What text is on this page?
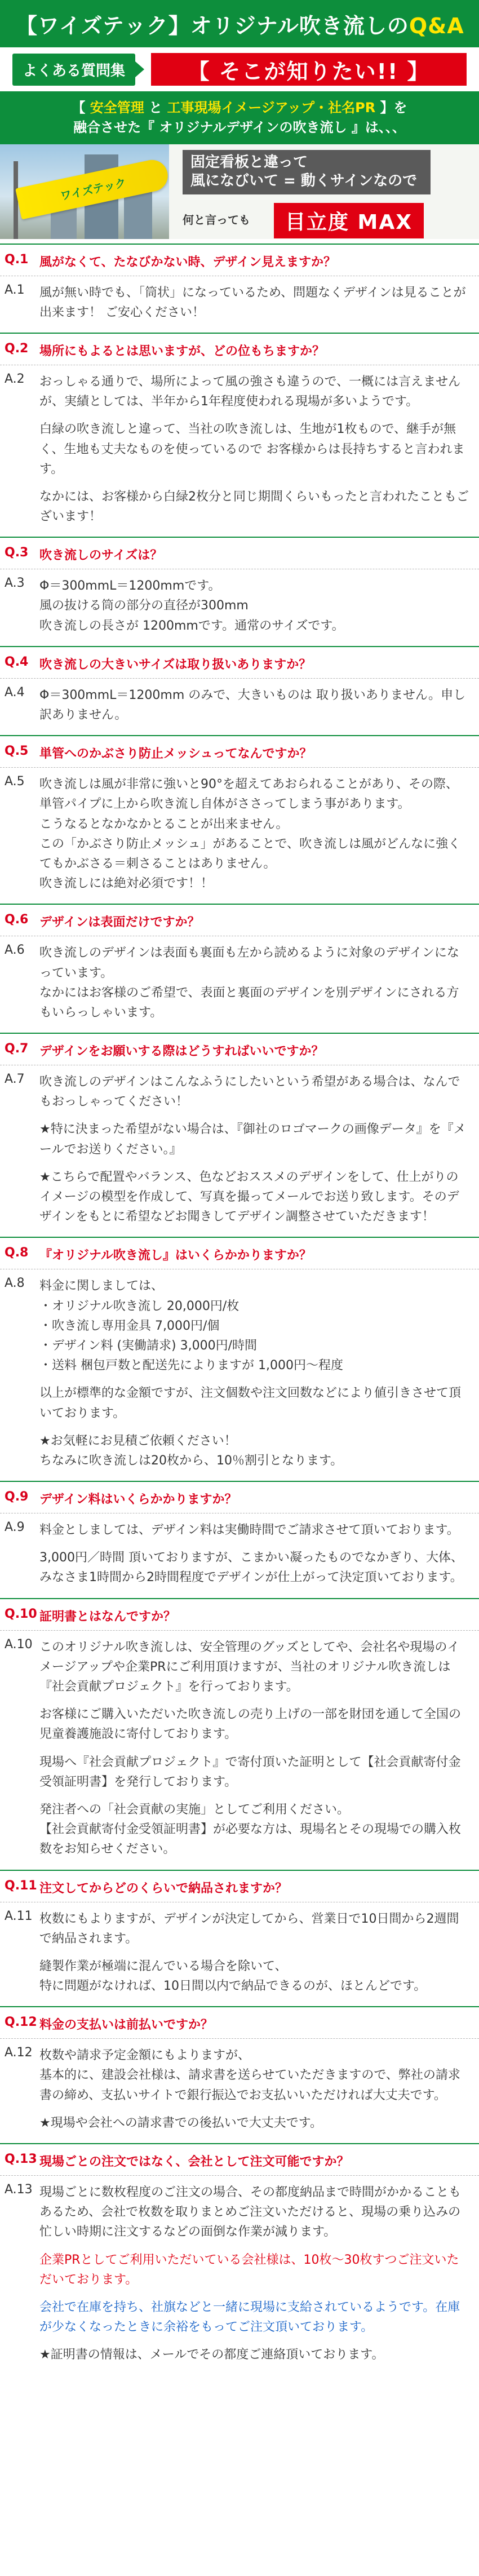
【ワイズテック】オリジナル吹き流しのQ&A
よくある質問集	【 そこが知りたい!! 】
【 安全管理 と 工事現場イメージアップ・社名PR 】を
融合させた『 オリジナルデザインの吹き流し 』は、、、
ワイズテック
固定看板と違って
風になびいて = 動くサインなので
何と言っても	目立度 MAX
Q.1 風がなくて、たなびかない時、デザイン見えますか？
A.1	風が無い時でも、「筒状」になっているため、問題なくデザインは見ることが出来ます！ ご安心ください！

Q.2 場所にもよるとは思いますが、どの位もちますか？
A.2	おっしゃる通りで、場所によって風の強さも違うので、一概には言えませんが、実績としては、半年から1年程度使われる現場が多いようです。

白緑の吹き流しと違って、当社の吹き流しは、生地が1枚もので、継手が無く、生地も丈夫なものを使っているので お客様からは長持ちすると言われます。

なかには、お客様から白緑2枚分と同じ期間くらいもったと言われたこともございます！

Q.3 吹き流しのサイズは？
A.3	Φ＝300mmL＝1200mmです。
風の抜ける筒の部分の直径が300mm
吹き流しの長さが 1200mmです。通常のサイズです。

Q.4 吹き流しの大きいサイズは取り扱いありますか？
A.4	Φ＝300mmL＝1200mm のみで、大きいものは 取り扱いありません。申し訳ありません。

Q.5 単管へのかぶさり防止メッシュってなんですか？
A.5	吹き流しは風が非常に強いと90°を超えてあおられることがあり、その際、単管パイプに上から吹き流し自体がささってしまう事があります。
こうなるとなかなかとることが出来ません。
この「かぶさり防止メッシュ」があることで、吹き流しは風がどんなに強くてもかぶさる＝刺さることはありません。
吹き流しには絶対必須です！！

Q.6 デザインは表面だけですか？
A.6	吹き流しのデザインは表面も裏面も左から読めるように対象のデザインになっています。
なかにはお客様のご希望で、表面と裏面のデザインを別デザインにされる方もいらっしゃいます。

Q.7 デザインをお願いする際はどうすればいいですか？
A.7	吹き流しのデザインはこんなふうにしたいという希望がある場合は、なんでもおっしゃってください！

★特に決まった希望がない場合は、『御社のロゴマークの画像データ』を『メールでお送りください。』

★こちらで配置やバランス、色などおススメのデザインをして、仕上がりのイメージの模型を作成して、写真を撮ってメールでお送り致します。そのデザインをもとに希望などお聞きしてデザイン調整させていただきます！

Q.8 『オリジナル吹き流し』はいくらかかりますか？
A.8	料金に関しましては、
・オリジナル吹き流し 20,000円/枚
・吹き流し専用金具 7,000円/個
・デザイン料 (実働請求) 3,000円/時間
・送料 梱包戸数と配送先によりますが 1,000円～程度

以上が標準的な金額ですが、注文個数や注文回数などにより値引きさせて頂いております。

★お気軽にお見積ご依頼ください！
ちなみに吹き流しは20枚から、10％割引となります。

Q.9 デザイン料はいくらかかりますか？
A.9	料金としましては、デザイン料は実働時間でご請求させて頂いております。

3,000円／時間 頂いておりますが、こまかい凝ったものでなかぎり、大体、みなさま1時間から2時間程度でデザインが仕上がって決定頂いております。

Q.10 証明書とはなんですか？
A.10 このオリジナル吹き流しは、安全管理のグッズとしてや、会社名や現場のイメージアップや企業PRにご利用頂けますが、当社のオリジナル吹き流しは『社会貢献プロジェクト』を行っております。

お客様にご購入いただいた吹き流しの売り上げの一部を財団を通して全国の児童養護施設に寄付しております。

現場へ『社会貢献プロジェクト』で寄付頂いた証明として【社会貢献寄付金受領証明書】を発行しております。

発注者への「社会貢献の実施」としてご利用ください。
【社会貢献寄付金受領証明書】が必要な方は、現場名とその現場での購入枚数をお知らせください。

Q.11 注文してからどのくらいで納品されますか？
A.11 枚数にもよりますが、デザインが決定してから、営業日で10日間から2週間で納品されます。

縫製作業が極端に混んでいる場合を除いて、
特に問題がなければ、10日間以内で納品できるのが、ほとんどです。

Q.12 料金の支払いは前払いですか？
A.12 枚数や請求予定金額にもよりますが、
基本的に、建設会社様は、請求書を送らせていただきますので、弊社の請求書の締め、支払いサイトで銀行振込でお支払いいただければ大丈夫です。

★現場や会社への請求書での後払いで大丈夫です。

Q.13 現場ごとの注文ではなく、会社として注文可能ですか？
A.13 現場ごとに数枚程度のご注文の場合、その都度納品まで時間がかかることもあるため、会社で枚数を取りまとめご注文いただけると、現場の乗り込みの忙しい時期に注文するなどの面倒な作業が減ります。

企業PRとしてご利用いただいている会社様は、10枚～30枚すつご注文いただいております。

会社で在庫を持ち、社旗などと一緒に現場に支給されているようです。在庫が少なくなったときに余裕をもってご注文頂いております。

★証明書の情報は、メールでその都度ご連絡頂いております。
